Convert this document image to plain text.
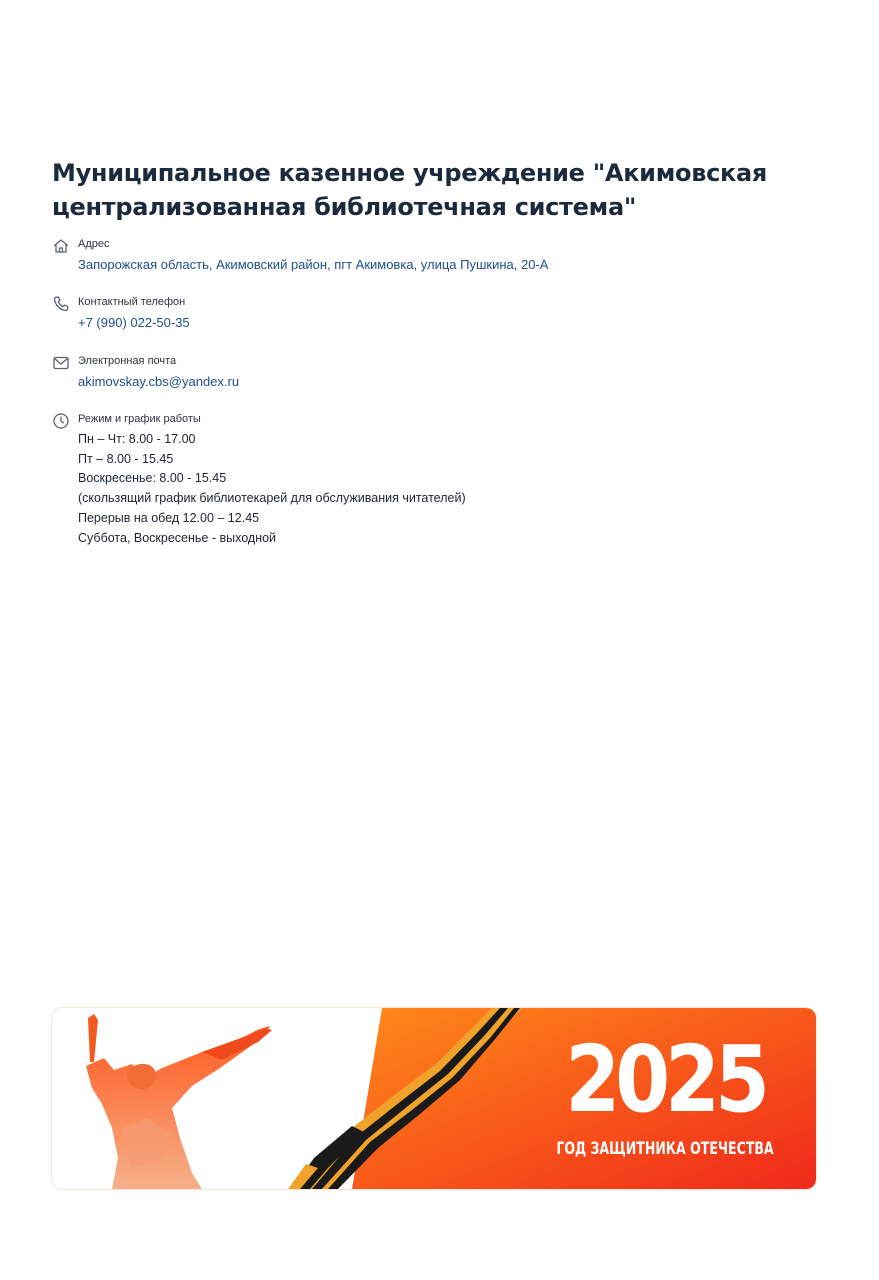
Муниципальное казенное учреждение "Акимовская централизованная библиотечная система"

Адрес

Запорожская область, Акимовский район, пгт Акимовка, улица Пушкина, 20-А

Контактный телефон

+7 (990) 022-50-35

Электронная почта

akimovskay.cbs@yandex.ru

Режим и график работы

Пн – Чт: 8.00 - 17.00

Пт – 8.00 - 15.45

Воскресенье: 8.00 - 15.45

(скользящий график библиотекарей для обслуживания читателей)

Перерыв на обед 12.00 – 12.45

Суббота, Воскресенье - выходной

2025
ГОД ЗАЩИТНИКА ОТЕЧЕСТВА
